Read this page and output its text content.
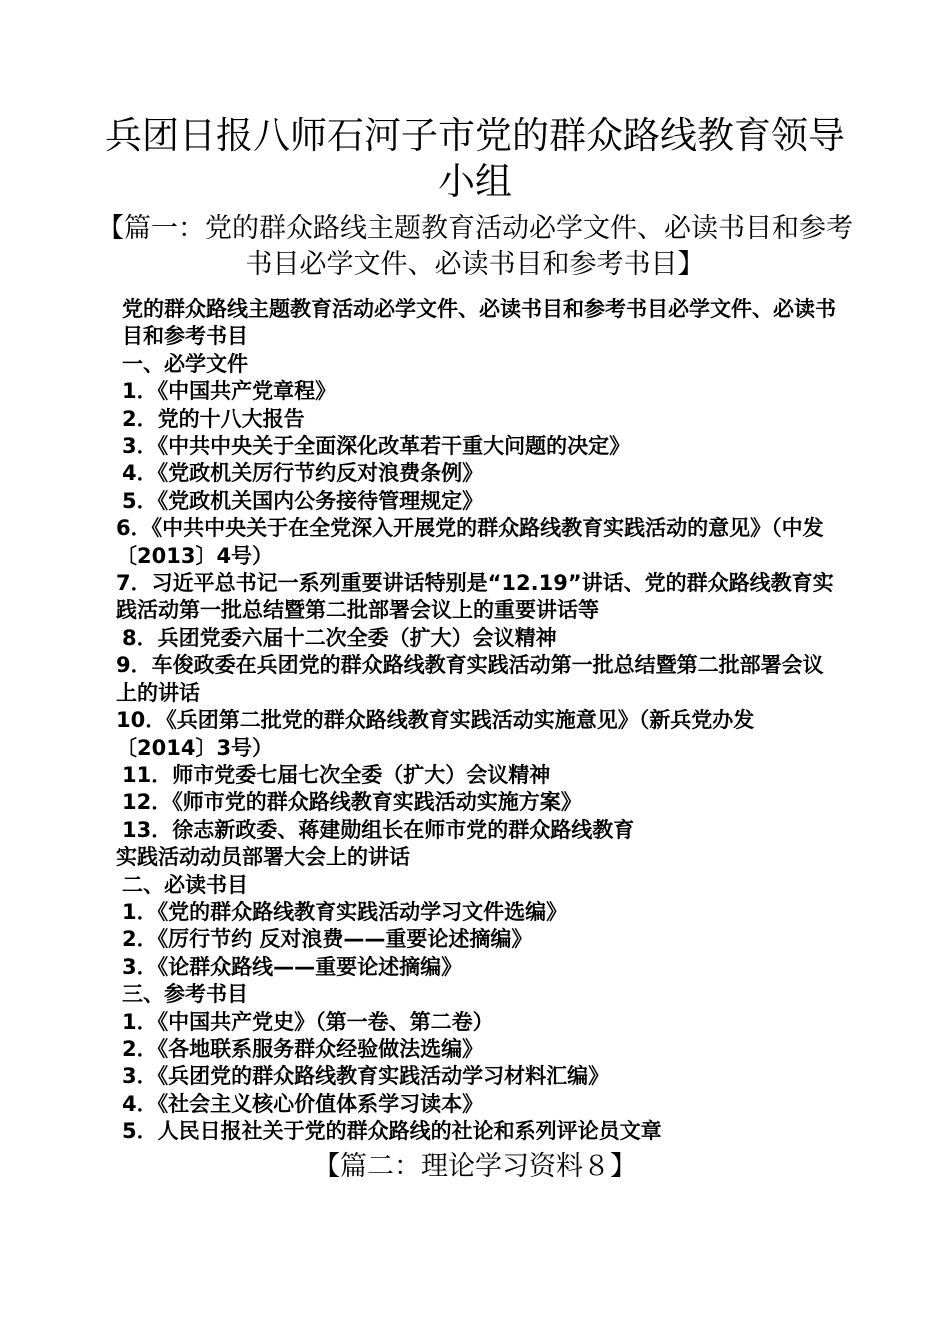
兵团日报八师石河子市党的群众路线教育领导小组

【篇一：党的群众路线主题教育活动必学文件、必读书目和参考书目必学文件、必读书目和参考书目】

党的群众路线主题教育活动必学文件、必读书目和参考书目必学文件、必读书目和参考书目
一、必学文件
1．《中国共产党章程》
2．党的十八大报告
3．《中共中央关于全面深化改革若干重大问题的决定》
4．《党政机关厉行节约反对浪费条例》
5．《党政机关国内公务接待管理规定》
6．《中共中央关于在全党深入开展党的群众路线教育实践活动的意见》（中发〔2013〕4号）
7．习近平总书记一系列重要讲话特别是“12.19”讲话、党的群众路线教育实践活动第一批总结暨第二批部署会议上的重要讲话等
8．兵团党委六届十二次全委（扩大）会议精神
9．车俊政委在兵团党的群众路线教育实践活动第一批总结暨第二批部署会议上的讲话
10．《兵团第二批党的群众路线教育实践活动实施意见》（新兵党办发〔2014〕3号）
11．师市党委七届七次全委（扩大）会议精神
12．《师市党的群众路线教育实践活动实施方案》
13．徐志新政委、蒋建勋组长在师市党的群众路线教育
实践活动动员部署大会上的讲话
二、必读书目
1．《党的群众路线教育实践活动学习文件选编》
2．《厉行节约 反对浪费——重要论述摘编》
3．《论群众路线——重要论述摘编》
三、参考书目
1．《中国共产党史》（第一卷、第二卷）
2．《各地联系服务群众经验做法选编》
3．《兵团党的群众路线教育实践活动学习材料汇编》
4．《社会主义核心价值体系学习读本》
5．人民日报社关于党的群众路线的社论和系列评论员文章

【篇二：理论学习资料８】
